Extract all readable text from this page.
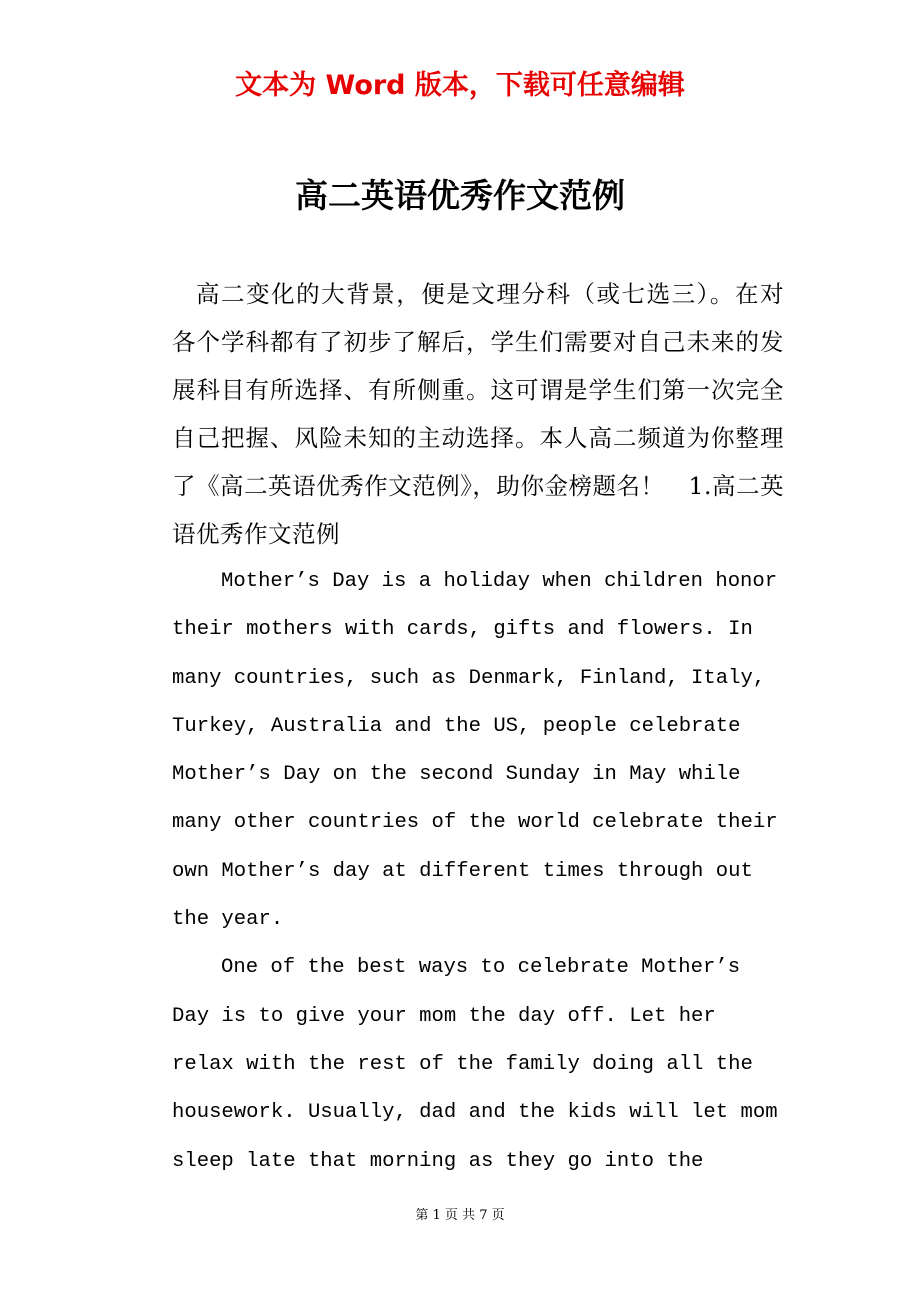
文本为 Word 版本，下载可任意编辑
高二英语优秀作文范例

高二变化的大背景，便是文理分科（或七选三）。在对各个学科都有了初步了解后，学生们需要对自己未来的发展科目有所选择、有所侧重。这可谓是学生们第一次完全自己把握、风险未知的主动选择。本人高二频道为你整理了《高二英语优秀作文范例》，助你金榜题名！　1.高二英语优秀作文范例

Mother’s Day is a holiday when children honor their mothers with cards, gifts and flowers. In many countries, such as Denmark, Finland, Italy, Turkey, Australia and the US, people celebrate Mother’s Day on the second Sunday in May while many other countries of the world celebrate their own Mother’s day at different times through out the year.

One of the best ways to celebrate Mother’s Day is to give your mom the day off. Let her relax with the rest of the family doing all the housework. Usually, dad and the kids will let mom sleep late that morning as they go into the

第 1 页 共 7 页
